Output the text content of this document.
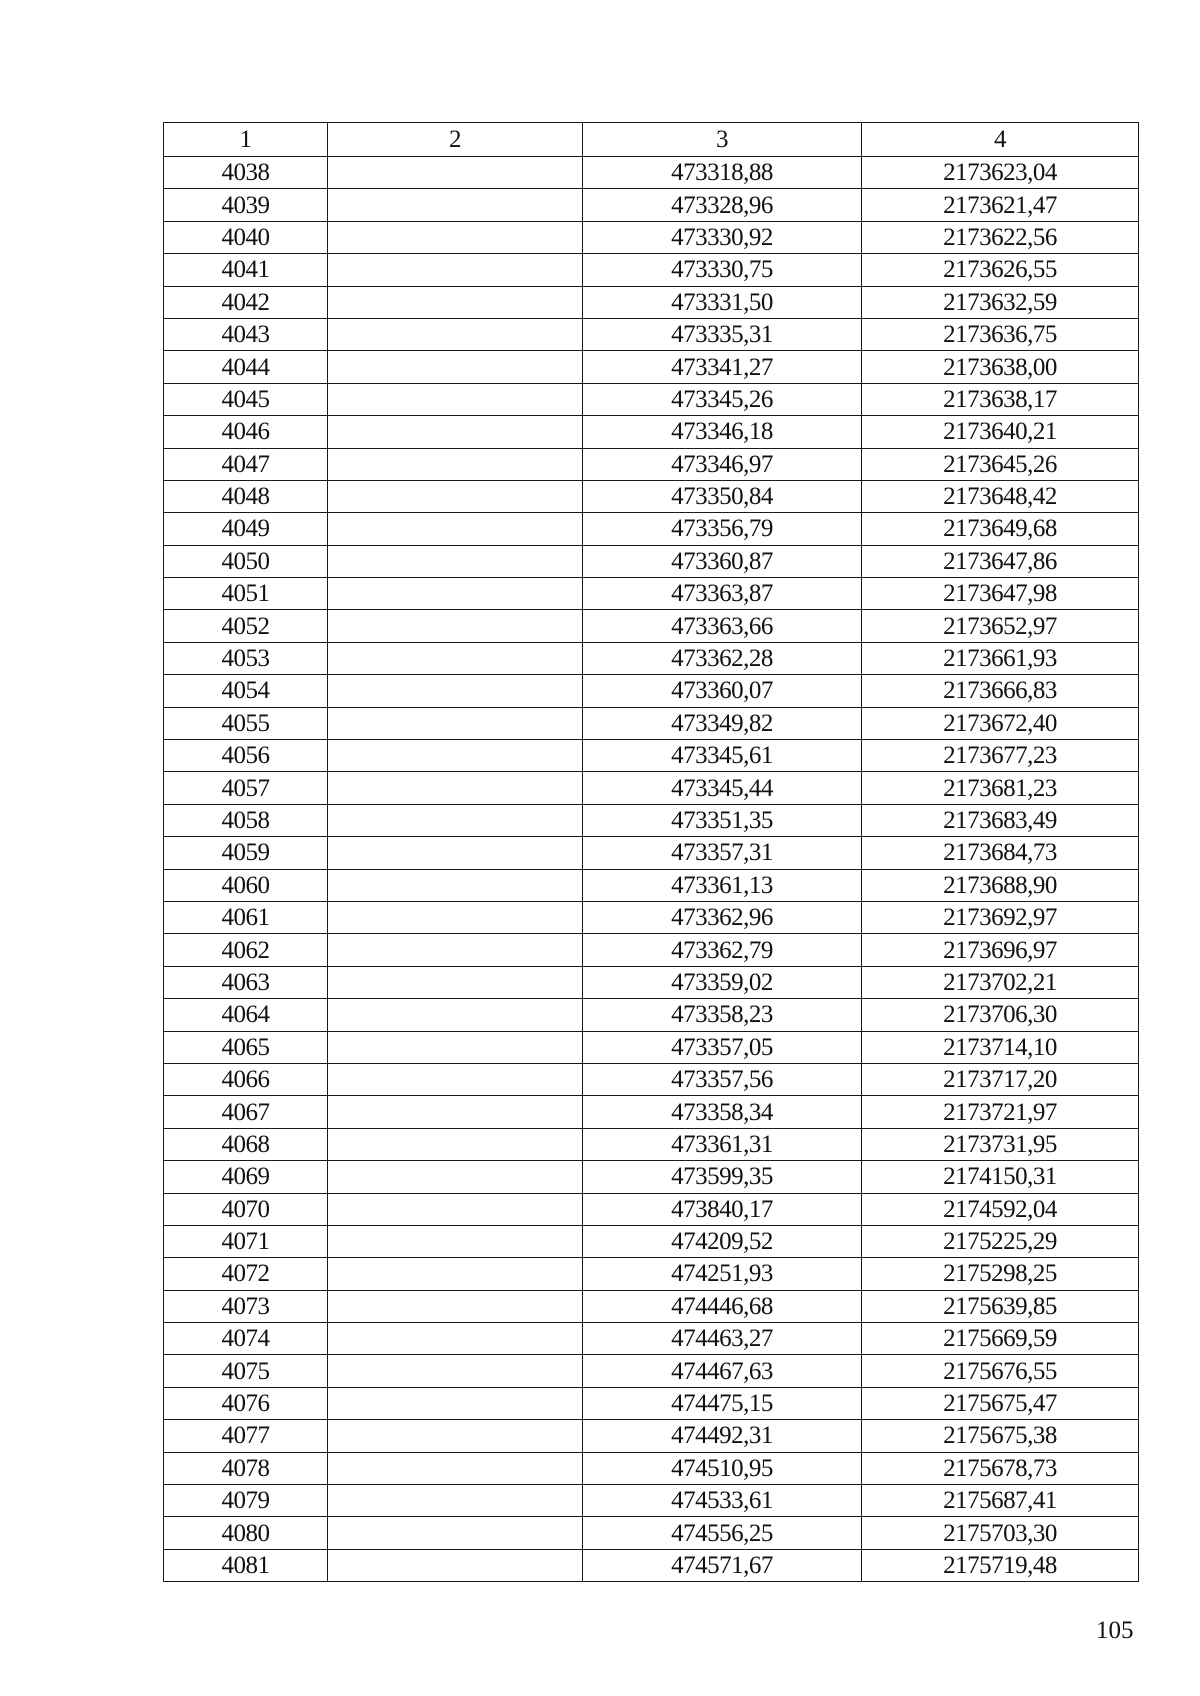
1	2	3	4
4038		473318,88	2173623,04
4039		473328,96	2173621,47
4040		473330,92	2173622,56
4041		473330,75	2173626,55
4042		473331,50	2173632,59
4043		473335,31	2173636,75
4044		473341,27	2173638,00
4045		473345,26	2173638,17
4046		473346,18	2173640,21
4047		473346,97	2173645,26
4048		473350,84	2173648,42
4049		473356,79	2173649,68
4050		473360,87	2173647,86
4051		473363,87	2173647,98
4052		473363,66	2173652,97
4053		473362,28	2173661,93
4054		473360,07	2173666,83
4055		473349,82	2173672,40
4056		473345,61	2173677,23
4057		473345,44	2173681,23
4058		473351,35	2173683,49
4059		473357,31	2173684,73
4060		473361,13	2173688,90
4061		473362,96	2173692,97
4062		473362,79	2173696,97
4063		473359,02	2173702,21
4064		473358,23	2173706,30
4065		473357,05	2173714,10
4066		473357,56	2173717,20
4067		473358,34	2173721,97
4068		473361,31	2173731,95
4069		473599,35	2174150,31
4070		473840,17	2174592,04
4071		474209,52	2175225,29
4072		474251,93	2175298,25
4073		474446,68	2175639,85
4074		474463,27	2175669,59
4075		474467,63	2175676,55
4076		474475,15	2175675,47
4077		474492,31	2175675,38
4078		474510,95	2175678,73
4079		474533,61	2175687,41
4080		474556,25	2175703,30
4081		474571,67	2175719,48
105
